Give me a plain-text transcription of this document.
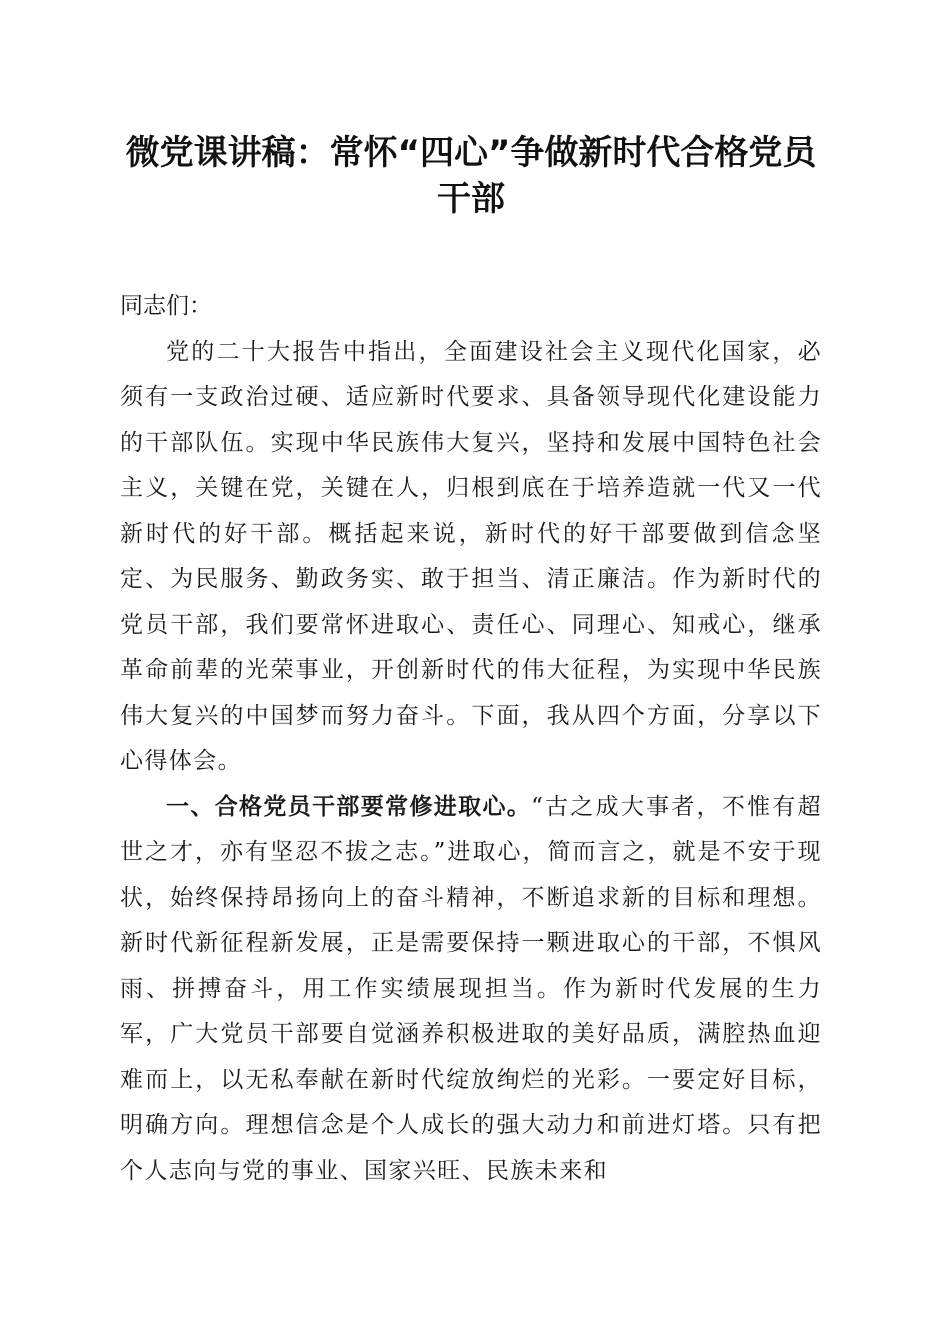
微党课讲稿：常怀“四心”争做新时代合格党员干部

同志们：

党的二十大报告中指出，全面建设社会主义现代化国家，必须有一支政治过硬、适应新时代要求、具备领导现代化建设能力的干部队伍。实现中华民族伟大复兴，坚持和发展中国特色社会主义，关键在党，关键在人，归根到底在于培养造就一代又一代新时代的好干部。概括起来说，新时代的好干部要做到信念坚定、为民服务、勤政务实、敢于担当、清正廉洁。作为新时代的党员干部，我们要常怀进取心、责任心、同理心、知戒心，继承革命前辈的光荣事业，开创新时代的伟大征程，为实现中华民族伟大复兴的中国梦而努力奋斗。下面，我从四个方面，分享以下心得体会。

一、合格党员干部要常修进取心。“古之成大事者，不惟有超世之才，亦有坚忍不拔之志。”进取心，简而言之，就是不安于现状，始终保持昂扬向上的奋斗精神，不断追求新的目标和理想。新时代新征程新发展，正是需要保持一颗进取心的干部，不惧风雨、拼搏奋斗，用工作实绩展现担当。作为新时代发展的生力军，广大党员干部要自觉涵养积极进取的美好品质，满腔热血迎难而上，以无私奉献在新时代绽放绚烂的光彩。一要定好目标，明确方向。理想信念是个人成长的强大动力和前进灯塔。只有把个人志向与党的事业、国家兴旺、民族未来和
